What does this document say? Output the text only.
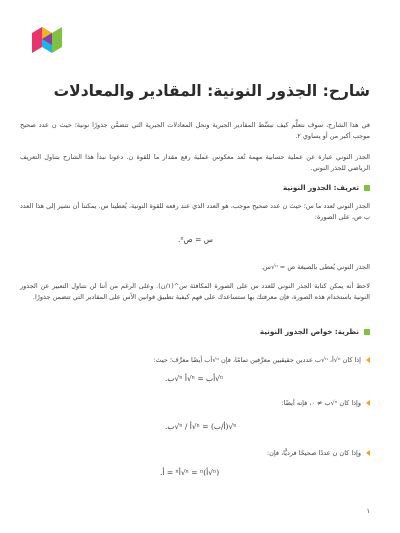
شارح: الجذور النونية: المقادير والمعادلات

في هذا الشارح، سوف نتعلَّم كيف نبسِّط المقادير الجبرية ونحل المعادلات الجبرية التي تتضمَّن جذورًا نونية؛ حيث ن عدد صحيح موجب أكبر من أو يساوي ٢.

الجذر النوني عبارة عن عملية حسابية مهمة تُعد معكوس عملية رفع مقدار ما للقوة ن. دعونا نبدأ هذا الشارح بتناول التعريف الرياضي للجذر النوني.

تعريف: الجذور النونية

الجذر النوني لعدد ما س؛ حيث ن عدد صحيح موجب، هو العدد الذي عند رفعه للقوة النونية، يُعطينا س. يمكننا أن نشير إلى هذا العدد ب ص، على الصورة:

س = صⁿ.

الجذر النوني يُعطى بالصيغة ص = ⁿ√س.

لاحظ أنه يمكن كتابة الجذر النوني للعدد س على الصورة المكافئة س^(١/ن). وعلى الرغم من أننا لن نتناول التعبير عن الجذور النونية باستخدام هذه الصورة، فإن معرفتك بها ستساعدك على فهم كيفية تطبيق قوانين الأس على المقادير التي تتضمن جذورًا.

نظرية: خواص الجذور النونية
إذا كان ⁿ√أ، ⁿ√ب عددين حقيقيين معرَّفين تمامًا، فإن ⁿ√أب أيضًا معرَّف؛ حيث:
ⁿ√أب = ⁿ√أ ⁿ√ب.
وإذا كان ⁿ√ب ≠ ٠، فإنه أيضًا:
ⁿ√(أ/ب) = ⁿ√أ / ⁿ√ب.
وإذا كان ن عددًا صحيحًا فرديًّا، فإن:
(ⁿ√أ)ⁿ = ⁿ√أⁿ = أ.
١
